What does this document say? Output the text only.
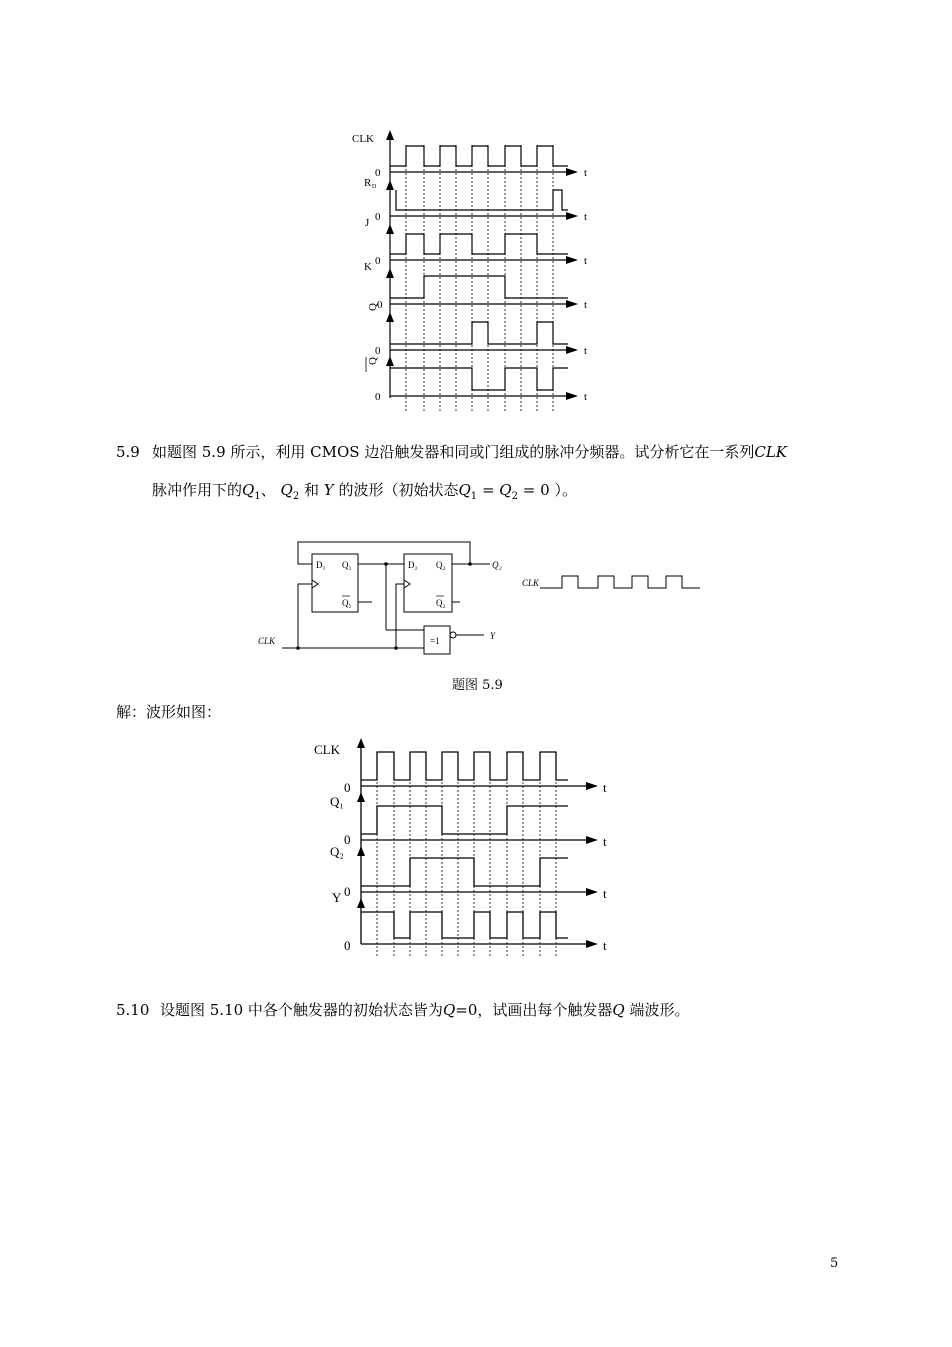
CLK
R D
J
K
Q
Q
0
0
0
0
0
0
t
t
t
t
t
t
5.9 如题图 5.9 所示，利用 CMOS 边沿触发器和同或门组成的脉冲分频器。试分析它在一系列CLK
脉冲作用下的$Q_1$、 $Q_2$ 和 Y 的波形（初始状态$Q_1 = Q_2 = 0$ ）。
D₁ Q₁
Q₁
D₂ Q₂
Q₂
Q₂
=1	Y
CLK
CLK
题图 5.9
解：波形如图：
CLK
Q₁
Q₂
Y
0
0
0
0
t
t
t
t
5.10 设题图 5.10 中各个触发器的初始状态皆为Q=0，试画出每个触发器Q 端波形。
5
